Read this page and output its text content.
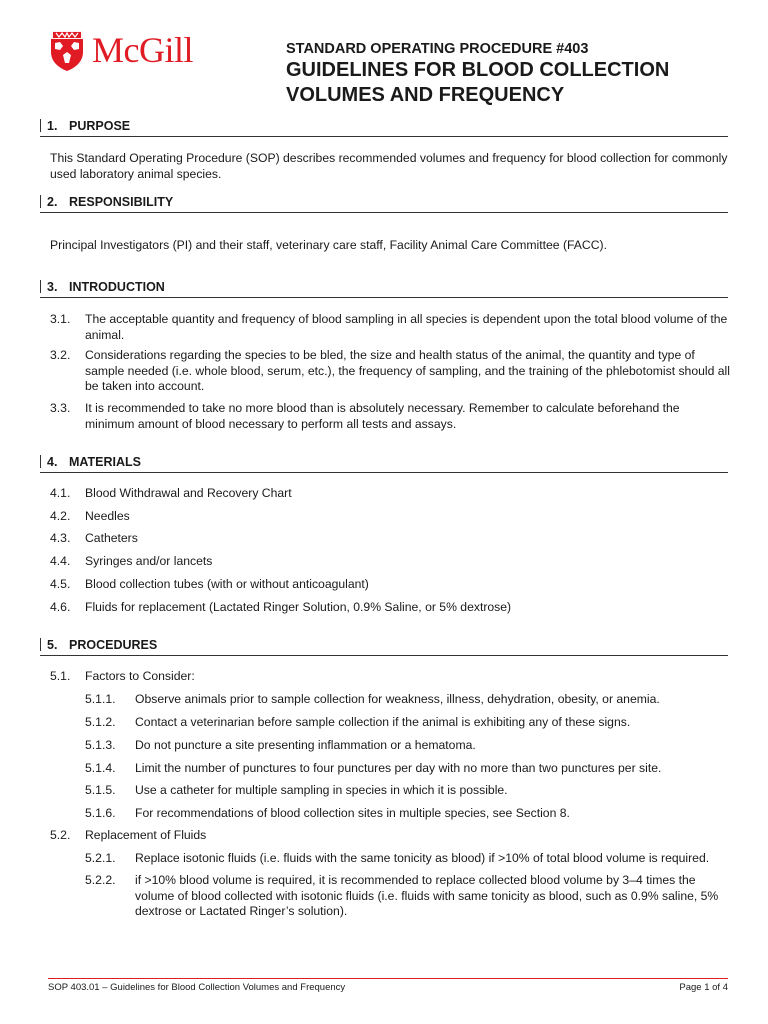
McGill	STANDARD OPERATING PROCEDURE #403
GUIDELINES FOR BLOOD COLLECTION
VOLUMES AND FREQUENCY
1. PURPOSE

This Standard Operating Procedure (SOP) describes recommended volumes and frequency for blood collection for commonly used laboratory animal species.

2. RESPONSIBILITY

Principal Investigators (PI) and their staff, veterinary care staff, Facility Animal Care Committee (FACC).

3. INTRODUCTION
3.1.	The acceptable quantity and frequency of blood sampling in all species is dependent upon the total blood volume of the animal.
3.2.	Considerations regarding the species to be bled, the size and health status of the animal, the quantity and type of sample needed (i.e. whole blood, serum, etc.), the frequency of sampling, and the training of the phlebotomist should all be taken into account.
3.3.	It is recommended to take no more blood than is absolutely necessary. Remember to calculate beforehand the minimum amount of blood necessary to perform all tests and assays.
4. MATERIALS
4.1.	Blood Withdrawal and Recovery Chart
4.2.	Needles
4.3.	Catheters
4.4.	Syringes and/or lancets
4.5.	Blood collection tubes (with or without anticoagulant)
4.6.	Fluids for replacement (Lactated Ringer Solution, 0.9% Saline, or 5% dextrose)
5. PROCEDURES
5.1.	Factors to Consider:
5.1.1.	Observe animals prior to sample collection for weakness, illness, dehydration, obesity, or anemia.
5.1.2.	Contact a veterinarian before sample collection if the animal is exhibiting any of these signs.
5.1.3.	Do not puncture a site presenting inflammation or a hematoma.
5.1.4.	Limit the number of punctures to four punctures per day with no more than two punctures per site.
5.1.5.	Use a catheter for multiple sampling in species in which it is possible.
5.1.6.	For recommendations of blood collection sites in multiple species, see Section 8.
5.2.	Replacement of Fluids
5.2.1.	Replace isotonic fluids (i.e. fluids with the same tonicity as blood) if >10% of total blood volume is required.
5.2.2.	if >10% blood volume is required, it is recommended to replace collected blood volume by 3–4 times the volume of blood collected with isotonic fluids (i.e. fluids with same tonicity as blood, such as 0.9% saline, 5% dextrose or Lactated Ringer’s solution).
SOP 403.01 – Guidelines for Blood Collection Volumes and Frequency	Page 1 of 4
